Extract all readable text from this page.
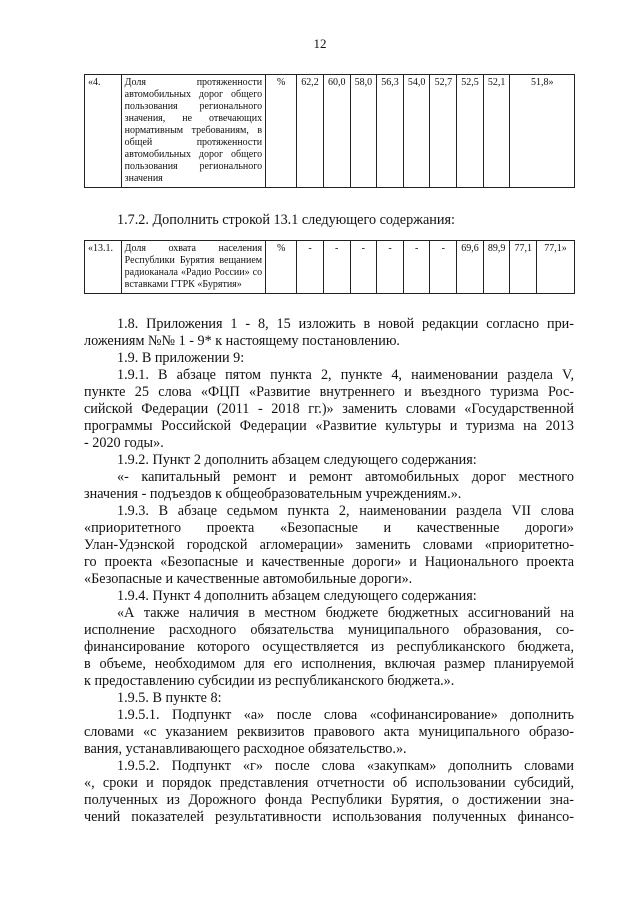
12
«4.	Доля протяженности автомобильных дорог общего пользования регионального значения, не отвечающих нормативным требованиям, в общей протяженности автомобильных дорог общего пользования регионального значения	%	62,2	60,0	58,0	56,3	54,0	52,7	52,5	52,1	51,8»
1.7.2. Дополнить строкой 13.1 следующего содержания:
«13.1.	Доля охвата населения Республики Бурятия вещанием радиоканала «Радио России» со вставками ГТРК «Бурятия»	%	-	-	-	-	-	-	69,6	89,9	77,1	77,1»
1.8. Приложения 1 - 8, 15 изложить в новой редакции согласно при-
ложениям №№ 1 - 9* к настоящему постановлению.
1.9. В приложении 9:
1.9.1. В абзаце пятом пункта 2, пункте 4, наименовании раздела V,
пункте 25 слова «ФЦП «Развитие внутреннего и въездного туризма Рос-
сийской Федерации (2011 - 2018 гг.)» заменить словами «Государственной
программы Российской Федерации «Развитие культуры и туризма на 2013
- 2020 годы».
1.9.2. Пункт 2 дополнить абзацем следующего содержания:
«- капитальный ремонт и ремонт автомобильных дорог местного
значения - подъездов к общеобразовательным учреждениям.».
1.9.3. В абзаце седьмом пункта 2, наименовании раздела VII слова
«приоритетного проекта «Безопасные и качественные дороги»
Улан-Удэнской городской агломерации» заменить словами «приоритетно-
го проекта «Безопасные и качественные дороги» и Национального проекта
«Безопасные и качественные автомобильные дороги».
1.9.4. Пункт 4 дополнить абзацем следующего содержания:
«А также наличия в местном бюджете бюджетных ассигнований на
исполнение расходного обязательства муниципального образования, со-
финансирование которого осуществляется из республиканского бюджета,
в объеме, необходимом для его исполнения, включая размер планируемой
к предоставлению субсидии из республиканского бюджета.».
1.9.5. В пункте 8:
1.9.5.1. Подпункт «а» после слова «софинансирование» дополнить
словами «с указанием реквизитов правового акта муниципального образо-
вания, устанавливающего расходное обязательство.».
1.9.5.2. Подпункт «г» после слова «закупкам» дополнить словами
«, сроки и порядок представления отчетности об использовании субсидий,
полученных из Дорожного фонда Республики Бурятия, о достижении зна-
чений показателей результативности использования полученных финансо-
